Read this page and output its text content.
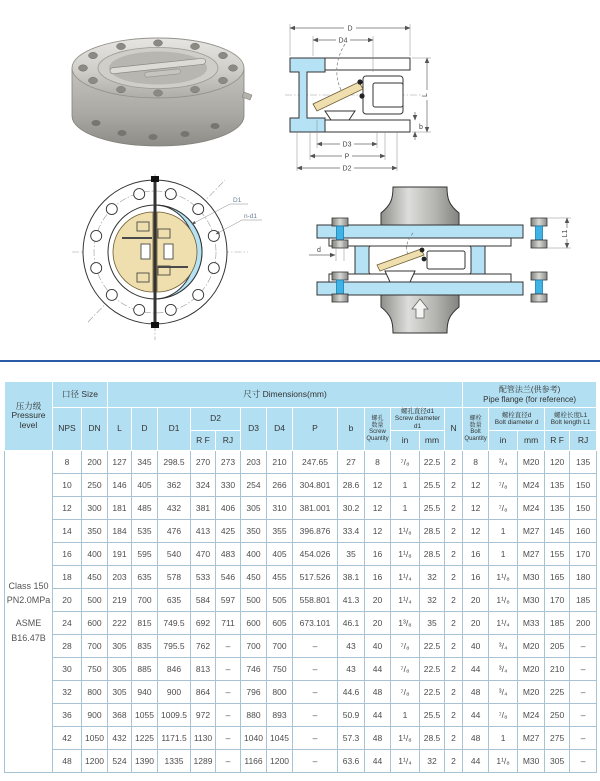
D
D4
L
b
D3
P
D2
D1
n-d1
L1
d
压力级
Pressure
level
	口径 Size	尺寸 Dimensions(mm)	配管法兰(供参考)
Pipe flange (for reference)

NPS	DN	L	D	D1	D2	D3	D4	P	b	
螺孔
数量
Screw
Quantity

螺孔直径d1
Screw diameter d1	N	
螺栓
数量
Bolt
Quantity

螺栓直径d
Bolt diameter d

螺栓长度L1
Bolt length L1

						R F	RJ						in	mm			in	mm	R F	RJ

Class 150
PN2.0MPa
ASME
B16.47B	8	200	127	345	298.5	270	273	203	210	247.65	27	8	⁷/₈	22.5	2	8	³/₄	M20	120	135
	10	250	146	405	362	324	330	254	266	304.801	28.6	12	1	25.5	2	12	⁷/₈	M24	135	150
	12	300	181	485	432	381	406	305	310	381.001	30.2	12	1	25.5	2	12	⁷/₈	M24	135	150
	14	350	184	535	476	413	425	350	355	396.876	33.4	12	1¹/₈	28.5	2	12	1	M27	145	160
	16	400	191	595	540	470	483	400	405	454.026	35	16	1¹/₈	28.5	2	16	1	M27	155	170
	18	450	203	635	578	533	546	450	455	517.526	38.1	16	1¹/₄	32	2	16	1¹/₈	M30	165	180
	20	500	219	700	635	584	597	500	505	558.801	41.3	20	1¹/₄	32	2	20	1¹/₈	M30	170	185
	24	600	222	815	749.5	692	711	600	605	673.101	46.1	20	1³/₈	35	2	20	1¹/₄	M33	185	200
	28	700	305	835	795.5	762	–	700	700	–	43	40	⁷/₈	22.5	2	40	³/₄	M20	205	–
	30	750	305	885	846	813	–	746	750	–	43	44	⁷/₈	22.5	2	44	³/₄	M20	210	–
	32	800	305	940	900	864	–	796	800	–	44.6	48	⁷/₈	22.5	2	48	³/₄	M20	225	–
	36	900	368	1055	1009.5	972	–	880	893	–	50.9	44	1	25.5	2	44	⁷/₈	M24	250	–
	42	1050	432	1225	1171.5	1130	–	1040	1045	–	57.3	48	1¹/₈	28.5	2	48	1	M27	275	–
	48	1200	524	1390	1335	1289	–	1166	1200	–	63.6	44	1¹/₄	32	2	44	1¹/₈	M30	305	–
